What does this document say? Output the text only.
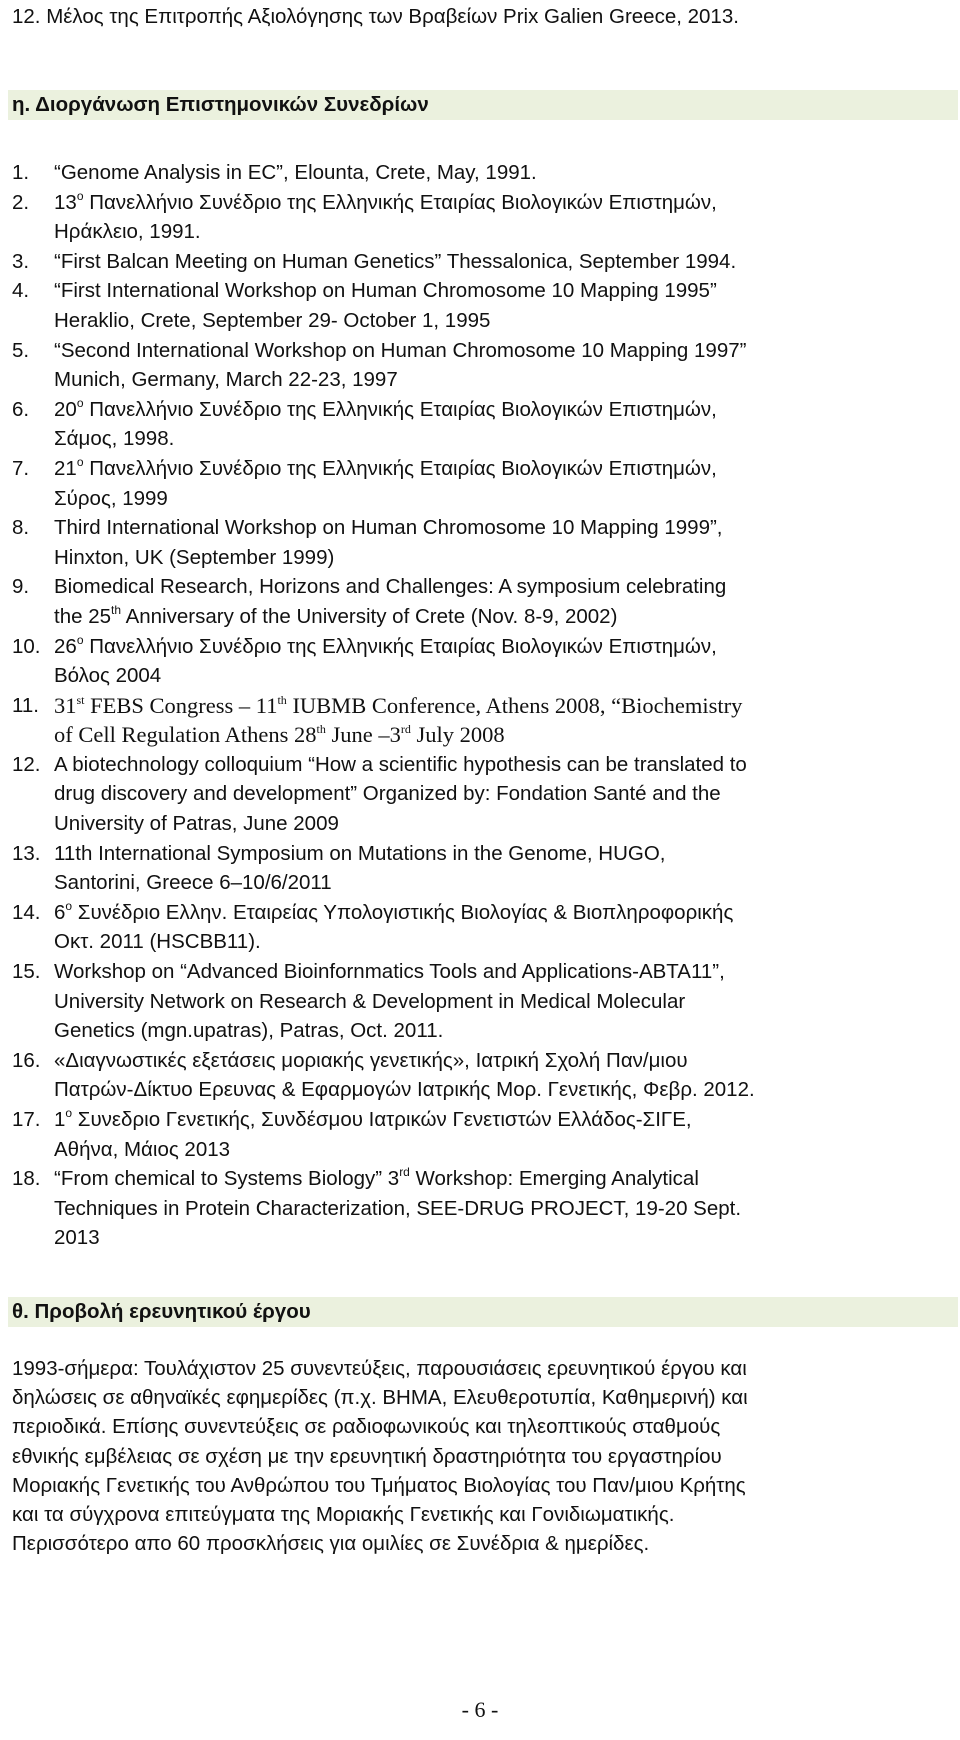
12. Μέλος της Επιτροπής Αξιολόγησης των Βραβείων Prix Galien Greece, 2013.
η. Διοργάνωση Επιστημονικών Συνεδρίων
1. “Genome Analysis in EC”, Elounta, Crete, May, 1991.
2. 13$^o$ Πανελλήνιο Συνέδριο της Ελληνικής Εταιρίας Βιολογικών Επιστημών,
Ηράκλειο, 1991.
3. “First Balcan Meeting on Human Genetics” Thessalonica, September 1994.
4. “First International Workshop on Human Chromosome 10 Mapping 1995”
Heraklio, Crete, September 29- October 1, 1995
5. “Second International Workshop on Human Chromosome 10 Mapping 1997”
Munich, Germany, March 22-23, 1997
6. 20$^o$ Πανελλήνιο Συνέδριο της Ελληνικής Εταιρίας Βιολογικών Επιστημών,
Σάμος, 1998.
7. 21$^o$ Πανελλήνιο Συνέδριο της Ελληνικής Εταιρίας Βιολογικών Επιστημών,
Σύρος, 1999
8. Third International Workshop on Human Chromosome 10 Mapping 1999”,
Hinxton, UK (September 1999)
9. Biomedical Research, Horizons and Challenges: A symposium celebrating
the 25th Anniversary of the University of Crete (Nov. 8-9, 2002)
10. 26$^o$ Πανελλήνιο Συνέδριο της Ελληνικής Εταιρίας Βιολογικών Επιστημών,
Βόλος 2004
11. 31st FEBS Congress – 11th IUBMB Conference, Athens 2008, “Biochemistry
of Cell Regulation Athens 28th June –3rd July 2008
12. A biotechnology colloquium “How a scientific hypothesis can be translated to
drug discovery and development” Organized by: Fondation Santé and the
University of Patras, June 2009
13. 11th International Symposium on Mutations in the Genome, HUGO,
Santorini, Greece 6–10/6/2011
14. 6$^o$ Συνέδριο Ελλην. Εταιρείας Υπολογιστικής Βιολογίας & Βιοπληροφορικής
Οκτ. 2011 (HSCBB11).
15. Workshop on “Advanced Bioinfornmatics Tools and Applications-ABTA11”,
University Network on Research & Development in Medical Molecular
Genetics (mgn.upatras), Patras, Oct. 2011.
16. «Διαγνωστικές εξετάσεις μοριακής γενετικής», Ιατρική Σχολή Παν/μιου
Πατρών-Δίκτυο Ερευνας & Εφαρμογών Ιατρικής Μορ. Γενετικής, Φεβρ. 2012.
17. 1$^o$ Συνεδριο Γενετικής, Συνδέσμου Ιατρικών Γενετιστών Ελλάδος-ΣΙΓΕ,
Αθήνα, Μάιος 2013
18. “From chemical to Systems Biology” 3rd Workshop: Emerging Analytical
Techniques in Protein Characterization, SEE-DRUG PROJECT, 19-20 Sept.
2013
θ. Προβολή ερευνητικού έργου
1993-σήμερα: Τουλάχιστον 25 συνεντεύξεις, παρουσιάσεις ερευνητικού έργου και
δηλώσεις σε αθηναϊκές εφημερίδες (π.χ. ΒΗΜΑ, Ελευθεροτυπία, Καθημερινή) και
περιοδικά. Επίσης συνεντεύξεις σε ραδιοφωνικούς και τηλεοπτικούς σταθμούς
εθνικής εμβέλειας σε σχέση με την ερευνητική δραστηριότητα του εργαστηρίου
Μοριακής Γενετικής του Ανθρώπου του Τμήματος Βιολογίας του Παν/μιου Κρήτης
και τα σύγχρονα επιτεύγματα της Μοριακής Γενετικής και Γονιδιωματικής.
Περισσότερο απο 60 προσκλήσεις για ομιλίες σε Συνέδρια & ημερίδες.
- 6 -
